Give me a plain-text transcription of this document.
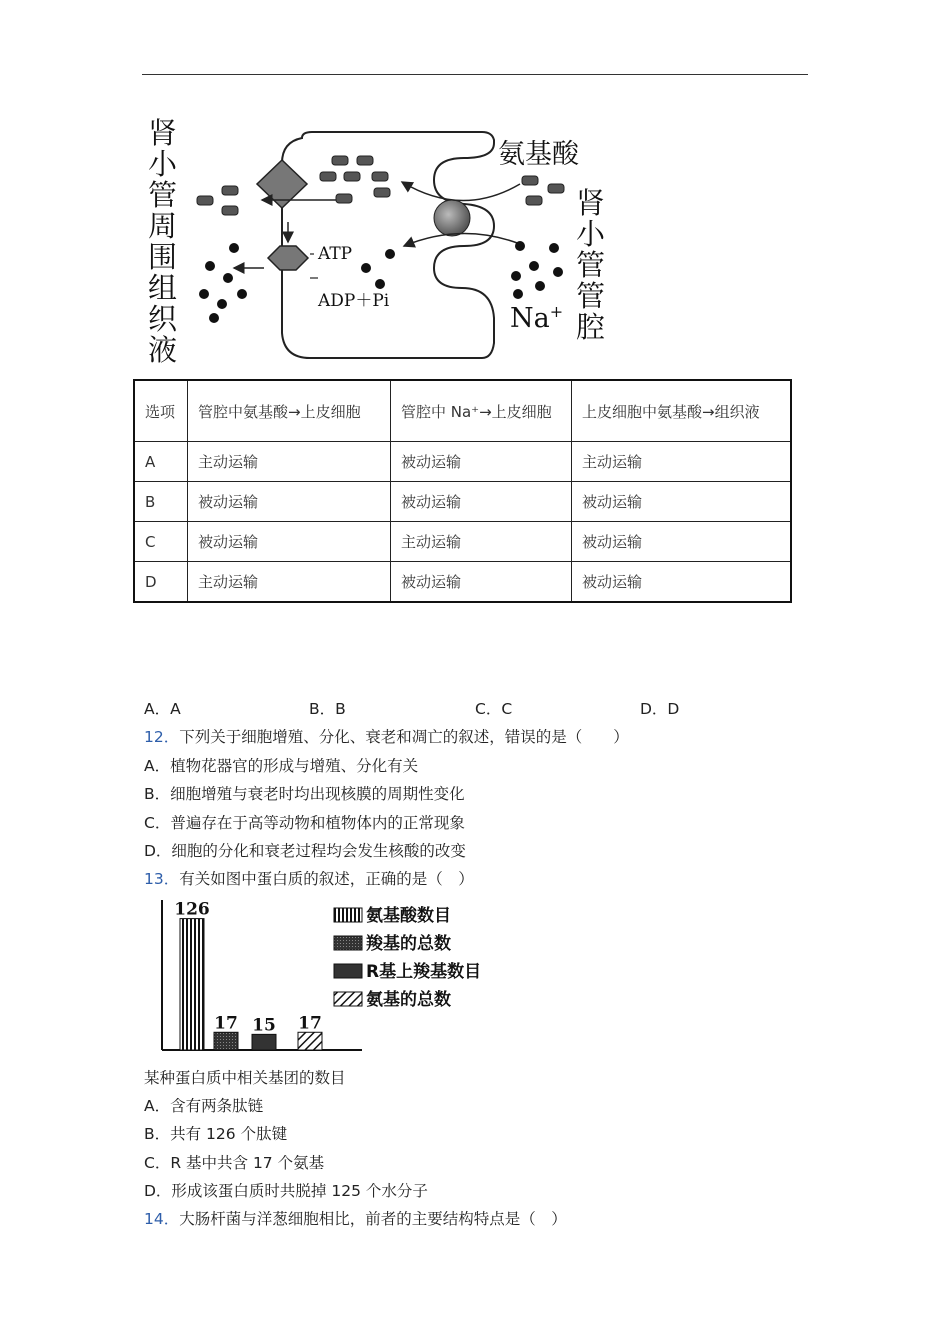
肾
小
管
周
围
组
织
液
肾
小
管
管
腔
氨基酸
ATP
ADP＋Pi
Na+
选项	管腔中氨基酸→上皮细胞	管腔中 Na⁺→上皮细胞	上皮细胞中氨基酸→组织液
A	主动运输	被动运输	主动运输
B	被动运输	被动运输	被动运输
C	被动运输	主动运输	被动运输
D	主动运输	被动运输	被动运输
A．A	B．B	C．C	D．D
12．下列关于细胞增殖、分化、衰老和凋亡的叙述，错误的是（　　）
A．植物花器官的形成与增殖、分化有关
B．细胞增殖与衰老时均出现核膜的周期性变化
C．普遍存在于高等动物和植物体内的正常现象
D．细胞的分化和衰老过程均会发生核酸的改变
13．有关如图中蛋白质的叙述，正确的是（　）
126
17 15 17
氨基酸数目
羧基的总数
R基上羧基数目
氨基的总数
某种蛋白质中相关基团的数目
A．含有两条肽链
B．共有 126 个肽键
C．R 基中共含 17 个氨基
D．形成该蛋白质时共脱掉 125 个水分子
14．大肠杆菌与洋葱细胞相比，前者的主要结构特点是（　）
